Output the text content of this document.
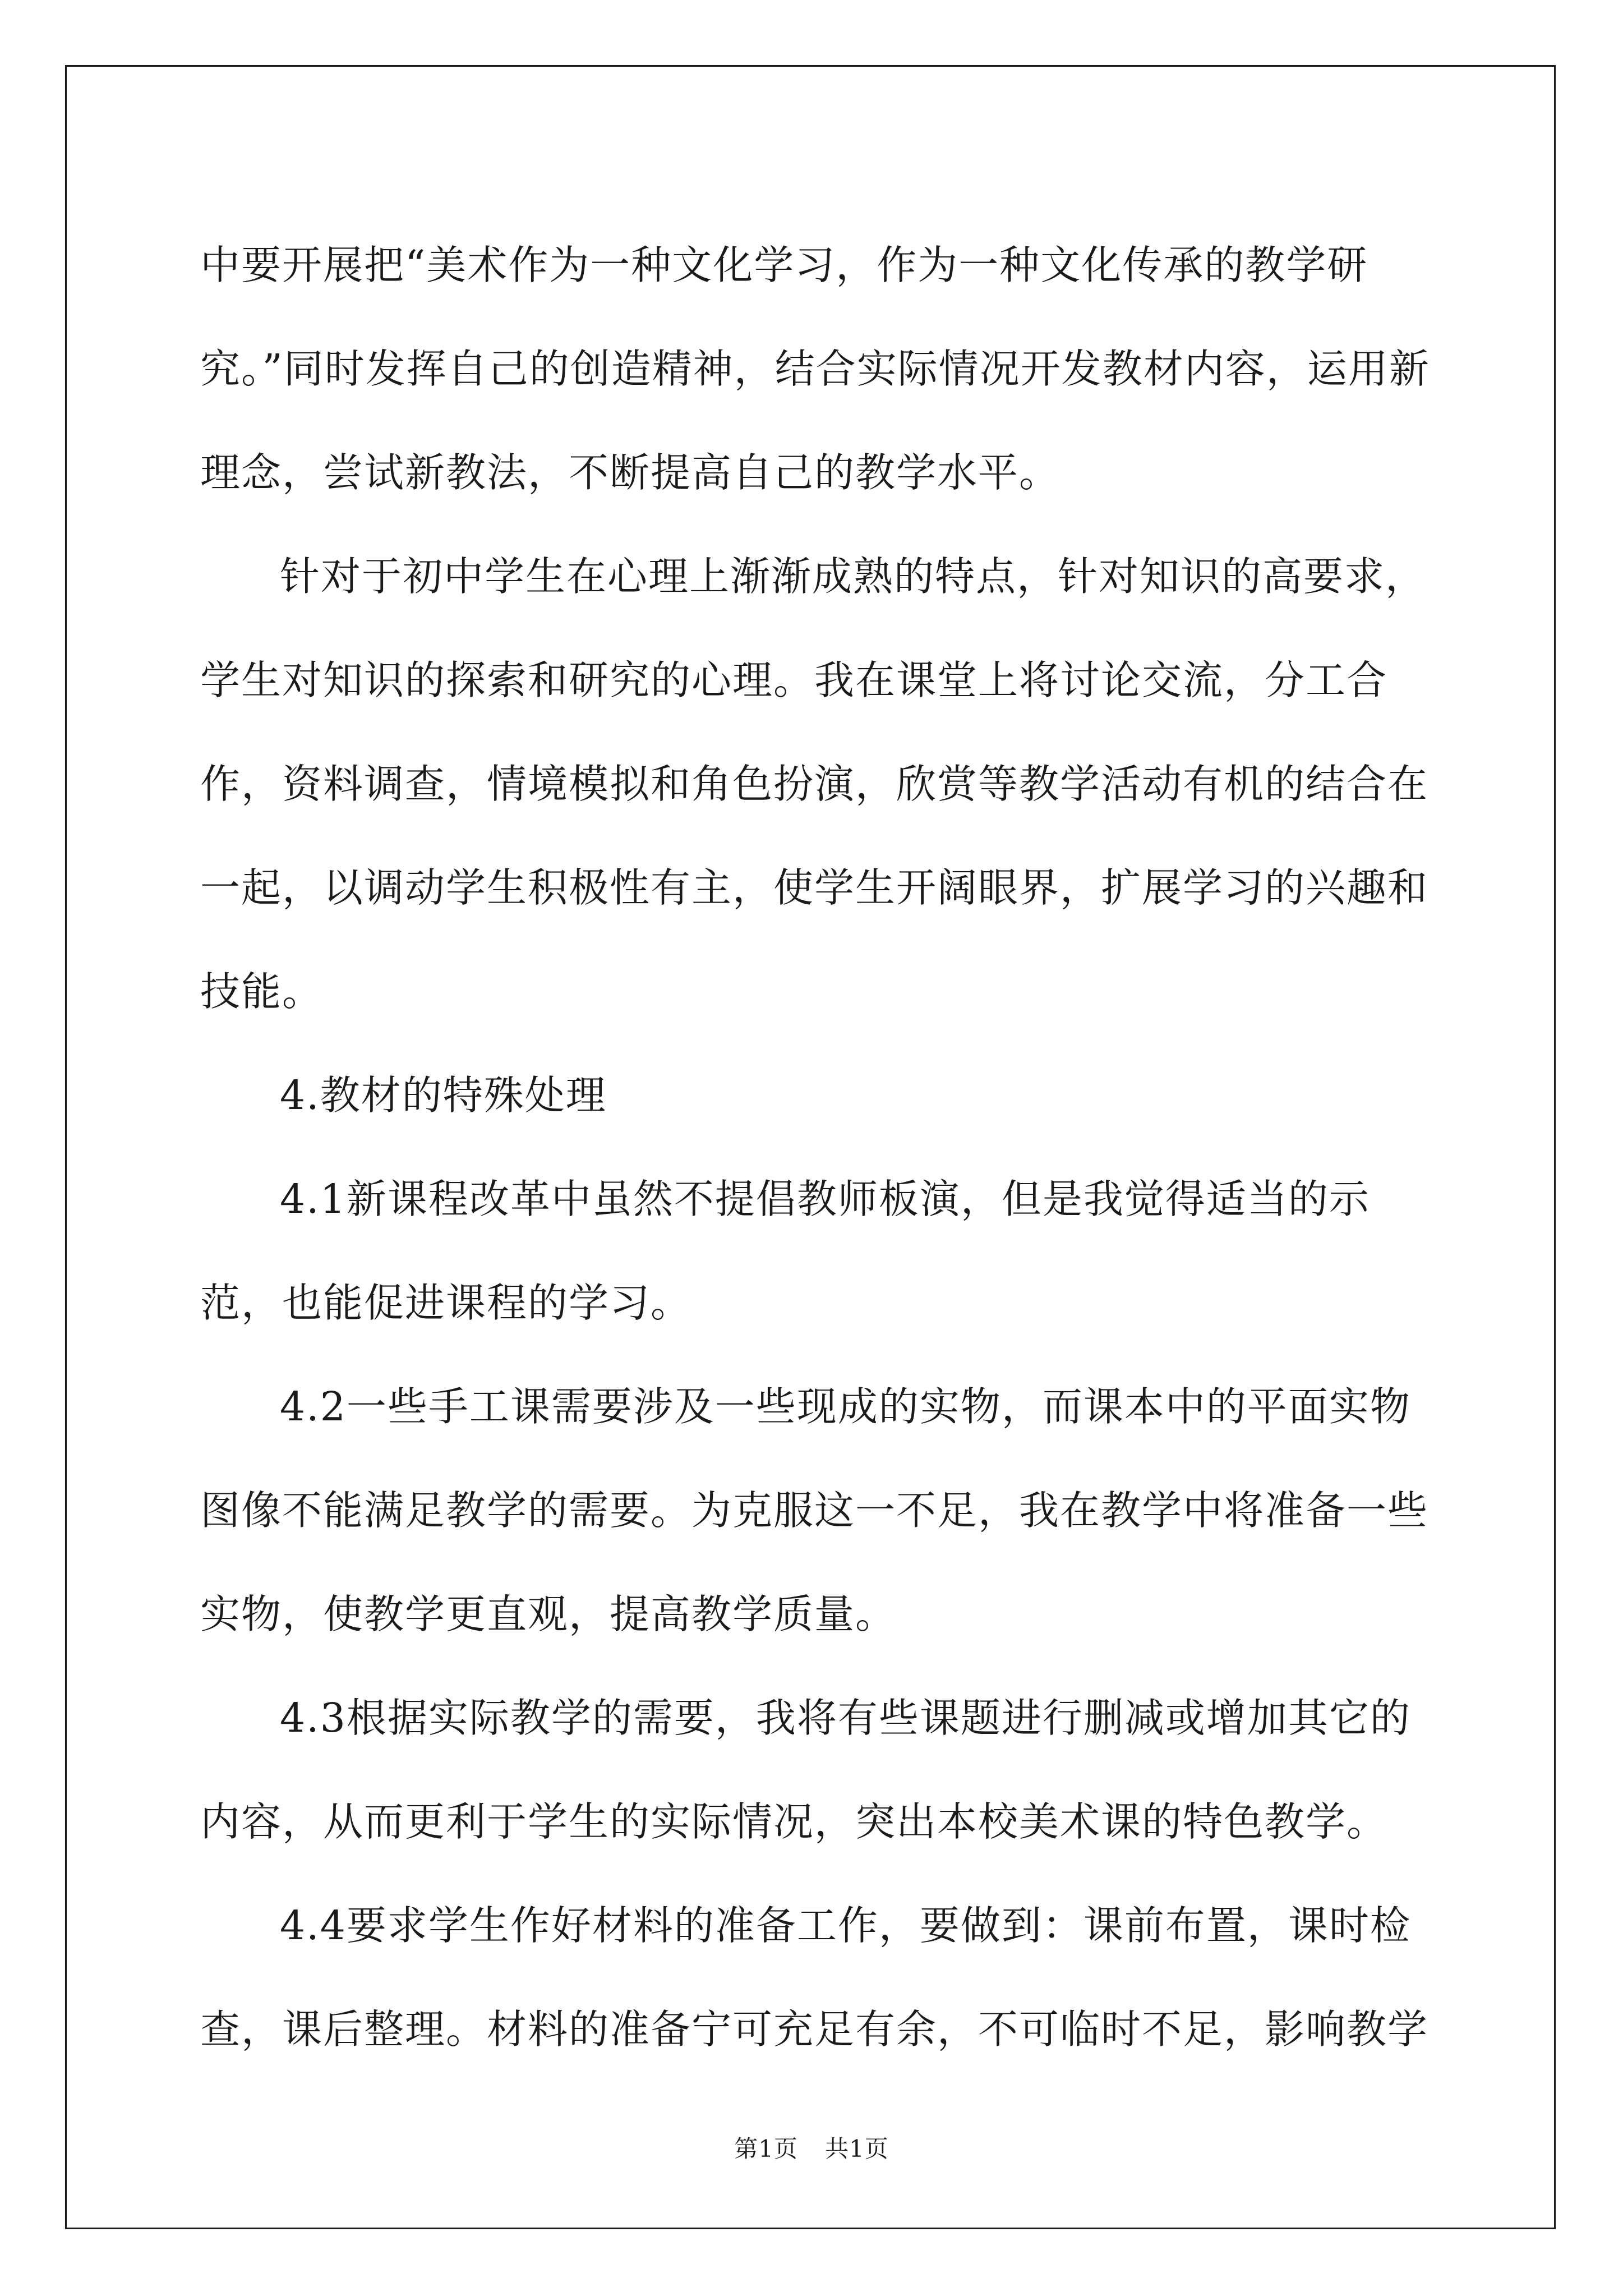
中要开展把“美术作为一种文化学习，作为一种文化传承的教学研究。”同时发挥自己的创造精神，结合实际情况开发教材内容，运用新理念，尝试新教法，不断提高自己的教学水平。

针对于初中学生在心理上渐渐成熟的特点，针对知识的高要求，学生对知识的探索和研究的心理。我在课堂上将讨论交流，分工合作，资料调查，情境模拟和角色扮演，欣赏等教学活动有机的结合在一起，以调动学生积极性有主，使学生开阔眼界，扩展学习的兴趣和技能。

4.教材的特殊处理

4.1新课程改革中虽然不提倡教师板演，但是我觉得适当的示范，也能促进课程的学习。

4.2一些手工课需要涉及一些现成的实物，而课本中的平面实物图像不能满足教学的需要。为克服这一不足，我在教学中将准备一些实物，使教学更直观，提高教学质量。

4.3根据实际教学的需要，我将有些课题进行删减或增加其它的内容，从而更利于学生的实际情况，突出本校美术课的特色教学。

4.4要求学生作好材料的准备工作，要做到：课前布置，课时检查，课后整理。材料的准备宁可充足有余，不可临时不足，影响教学

第1页 共1页
